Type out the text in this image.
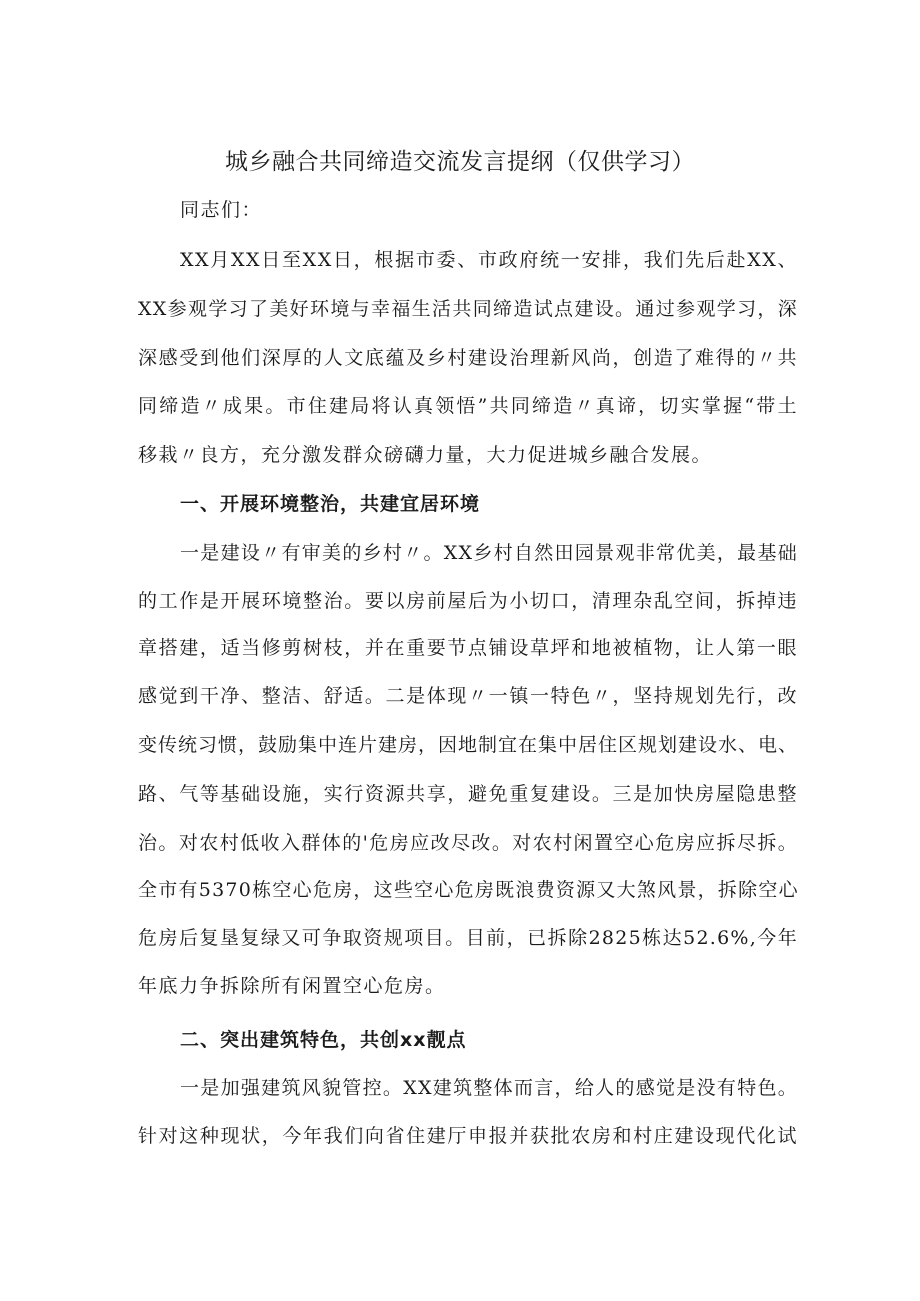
城乡融合共同缔造交流发言提纲（仅供学习）

同志们：

XX月XX日至XX日，根据市委、市政府统一安排，我们先后赴XX、

XX参观学习了美好环境与幸福生活共同缔造试点建设。通过参观学习，深

深感受到他们深厚的人文底蕴及乡村建设治理新风尚，创造了难得的〃共

同缔造〃成果。市住建局将认真领悟”共同缔造〃真谛，切实掌握“带土

移栽〃良方，充分激发群众磅礴力量，大力促进城乡融合发展。

一、开展环境整治，共建宜居环境

一是建设〃有审美的乡村〃。XX乡村自然田园景观非常优美，最基础

的工作是开展环境整治。要以房前屋后为小切口，清理杂乱空间，拆掉违

章搭建，适当修剪树枝，并在重要节点铺设草坪和地被植物，让人第一眼

感觉到干净、整洁、舒适。二是体现〃一镇一特色〃，坚持规划先行，改

变传统习惯，鼓励集中连片建房，因地制宜在集中居住区规划建设水、电、

路、气等基础设施，实行资源共享，避免重复建设。三是加快房屋隐患整

治。对农村低收入群体的'危房应改尽改。对农村闲置空心危房应拆尽拆。

全市有5370栋空心危房，这些空心危房既浪费资源又大煞风景，拆除空心

危房后复垦复绿又可争取资规项目。目前，已拆除2825栋达52.6%,今年

年底力争拆除所有闲置空心危房。

二、突出建筑特色，共创xx靓点

一是加强建筑风貌管控。XX建筑整体而言，给人的感觉是没有特色。

针对这种现状，今年我们向省住建厅申报并获批农房和村庄建设现代化试
